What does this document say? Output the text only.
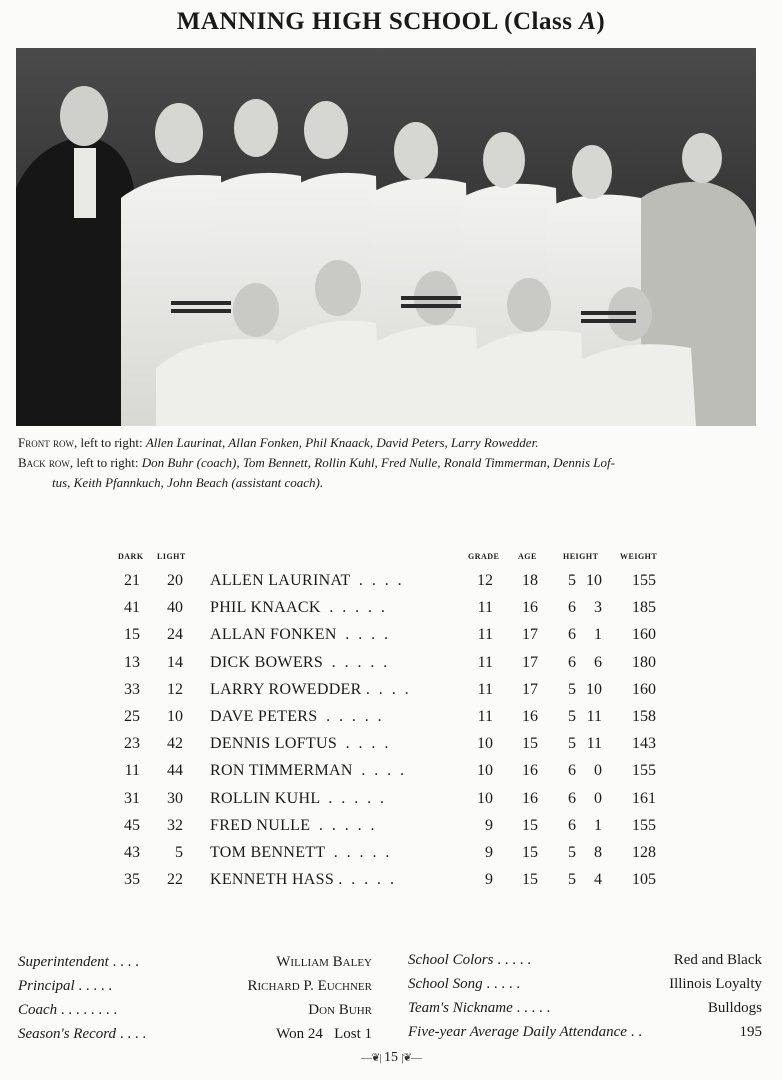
MANNING HIGH SCHOOL (Class A)
Front row, left to right: Allen Laurinat, Allan Fonken, Phil Knaack, David Peters, Larry Rowedder.
Back row, left to right: Don Buhr (coach), Tom Bennett, Rollin Kuhl, Fred Nulle, Ronald Timmerman, Dennis Lof-
tus, Keith Pfannkuch, John Beach (assistant coach).
DARK LIGHT	GRADE AGE	HEIGHT	WEIGHT
21	20 ALLEN LAURINAT  .  .  .  .	12	18	5 10	155
41	40 PHIL KNAACK  .  .  .  .  .	11	16	6	3	185
15	24 ALLAN FONKEN  .  .  .  .	11	17	6	1	160
13	14 DICK BOWERS  .  .  .  .  .	11	17	6	6	180
33	12 LARRY ROWEDDER .  .  .  .	11	17	5 10	160
25	10 DAVE PETERS  .  .  .  .  .	11	16	5 11	158
23	42 DENNIS LOFTUS  .  .  .  .	10	15	5 11	143
11	44 RON TIMMERMAN  .  .  .  .	10	16	6	0	155
31	30 ROLLIN KUHL  .  .  .  .  .	10	16	6	0	161
45	32 FRED NULLE  .  .  .  .  .	9	15	6	1	155
43	5 TOM BENNETT  .  .  .  .  .	9	15	5	8	128
35	22 KENNETH HASS .  .  .  .  .	9	15	5	4	105
Superintendent . . . .	William Baley
Principal . . . . .	Richard P. Euchner
Coach . . . . . . . .	Don Buhr
Season's Record . . . .	Won 24   Lost 1
School Colors . . . . .	Red and Black
School Song . . . . .	Illinois Loyalty
Team's Nickname . . . . .	Bulldogs
Five-year Average Daily Attendance . .	195
—❦| 15 |❦—
